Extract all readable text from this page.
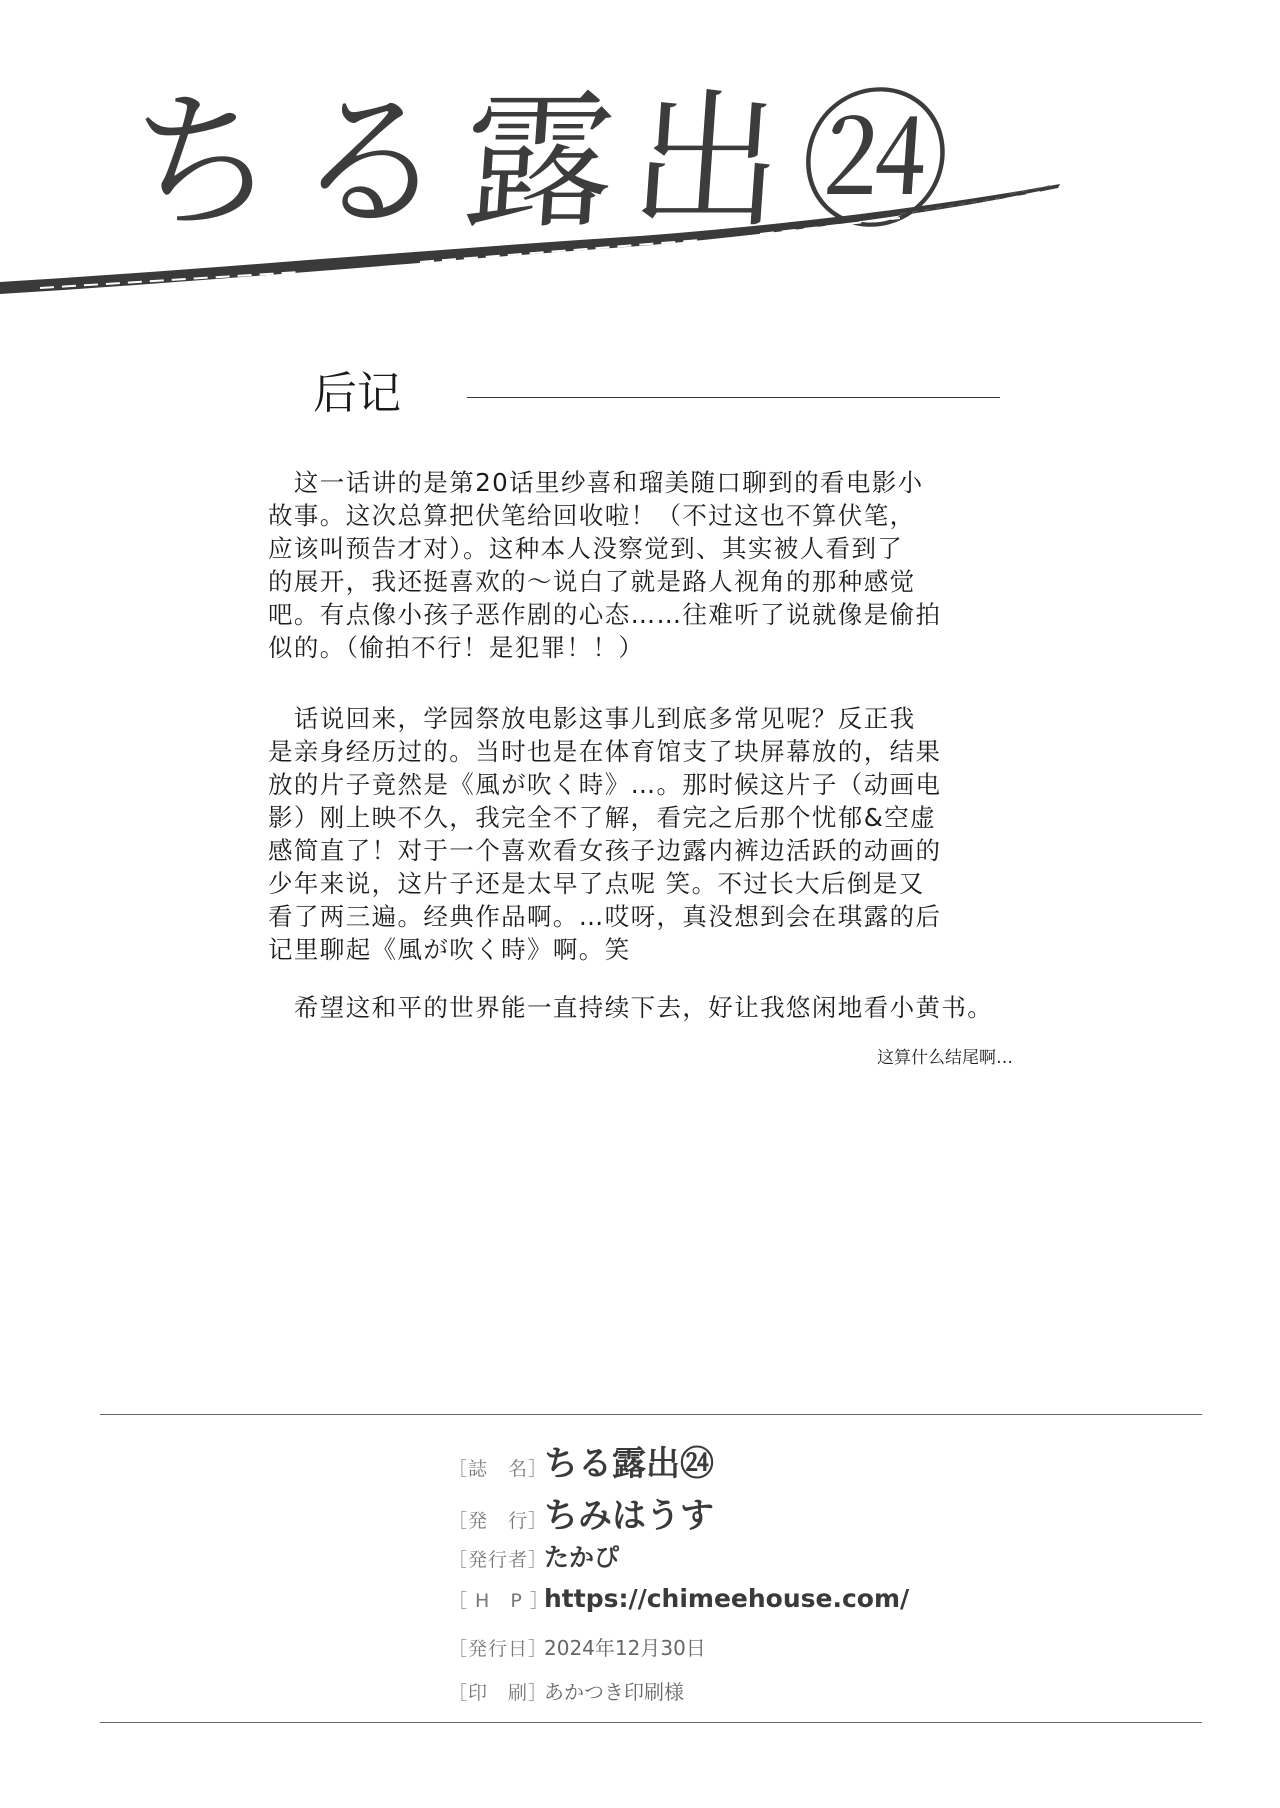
ちる露出㉔
后记
　这一话讲的是第20话里纱喜和瑠美随口聊到的看电影小
故事。这次总算把伏笔给回收啦！（不过这也不算伏笔，
应该叫预告才对）。这种本人没察觉到、其实被人看到了
的展开，我还挺喜欢的～说白了就是路人视角的那种感觉
吧。有点像小孩子恶作剧的心态……往难听了说就像是偷拍
似的。（偷拍不行！是犯罪！！）
　话说回来，学园祭放电影这事儿到底多常见呢？反正我
是亲身经历过的。当时也是在体育馆支了块屏幕放的，结果
放的片子竟然是《風が吹く時》…。那时候这片子（动画电
影）刚上映不久，我完全不了解，看完之后那个忧郁&空虚
感简直了！对于一个喜欢看女孩子边露内裤边活跃的动画的
少年来说，这片子还是太早了点呢 笑。不过长大后倒是又
看了两三遍。经典作品啊。…哎呀，真没想到会在琪露的后
记里聊起《風が吹く時》啊。笑
　希望这和平的世界能一直持续下去，好让我悠闲地看小黄书。
这算什么结尾啊…
［誌　名］
ちる露出㉔
［発　行］
ちみはうす
［発行者］
たかぴ
［ H　P ］
https://chimeehouse.com/
［発行日］
2024年12月30日
［印　刷］
あかつき印刷様
